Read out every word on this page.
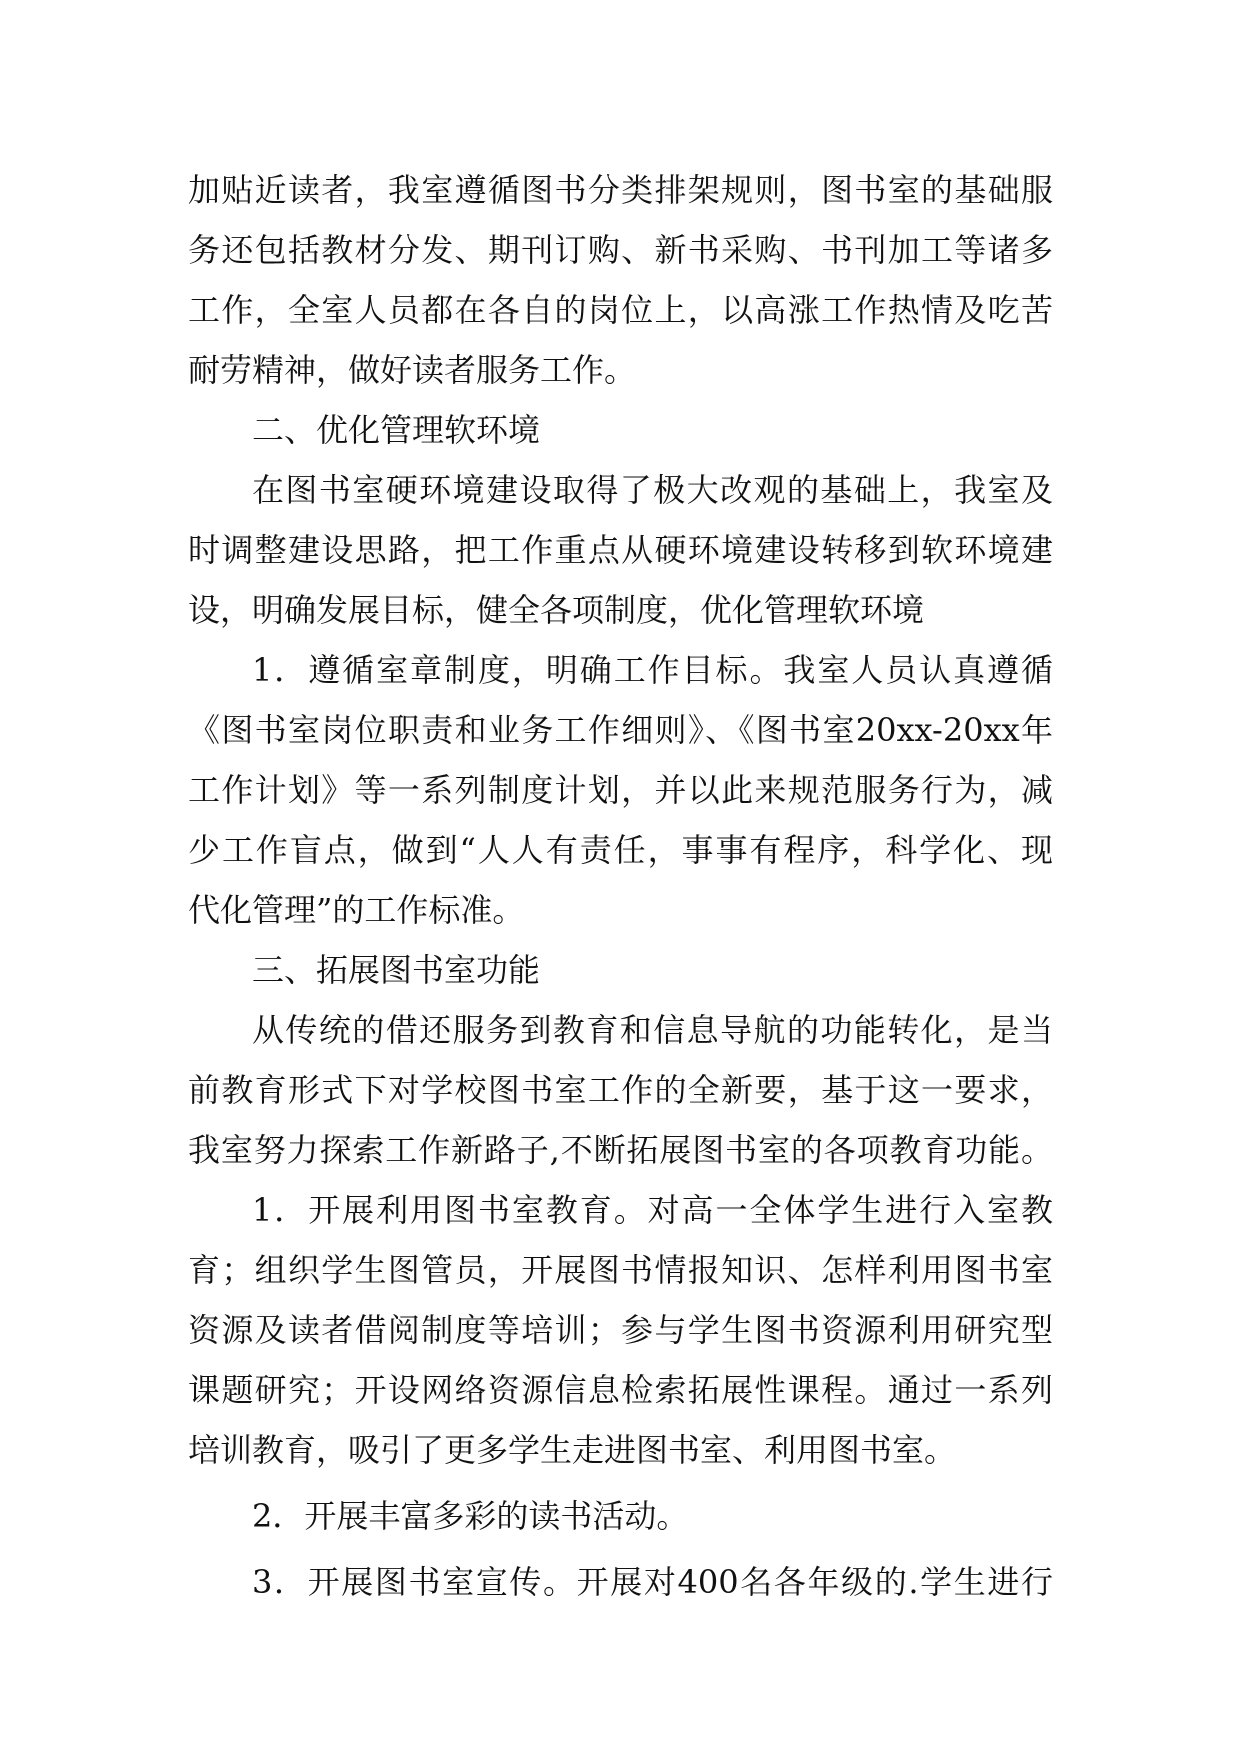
加贴近读者，我室遵循图书分类排架规则，图书室的基础服
务还包括教材分发、期刊订购、新书采购、书刊加工等诸多
工作，全室人员都在各自的岗位上，以高涨工作热情及吃苦
耐劳精神，做好读者服务工作。
二、优化管理软环境
在图书室硬环境建设取得了极大改观的基础上，我室及
时调整建设思路，把工作重点从硬环境建设转移到软环境建
设，明确发展目标，健全各项制度，优化管理软环境
1．遵循室章制度，明确工作目标。我室人员认真遵循
《图书室岗位职责和业务工作细则》、《图书室20xx-20xx年
工作计划》等一系列制度计划，并以此来规范服务行为，减
少工作盲点，做到“人人有责任，事事有程序，科学化、现
代化管理”的工作标准。
三、拓展图书室功能
从传统的借还服务到教育和信息导航的功能转化，是当
前教育形式下对学校图书室工作的全新要，基于这一要求，
我室努力探索工作新路子,不断拓展图书室的各项教育功能。
1．开展利用图书室教育。对高一全体学生进行入室教
育；组织学生图管员，开展图书情报知识、怎样利用图书室
资源及读者借阅制度等培训；参与学生图书资源利用研究型
课题研究；开设网络资源信息检索拓展性课程。通过一系列
培训教育，吸引了更多学生走进图书室、利用图书室。
2．开展丰富多彩的读书活动。
3．开展图书室宣传。开展对400名各年级的.学生进行
